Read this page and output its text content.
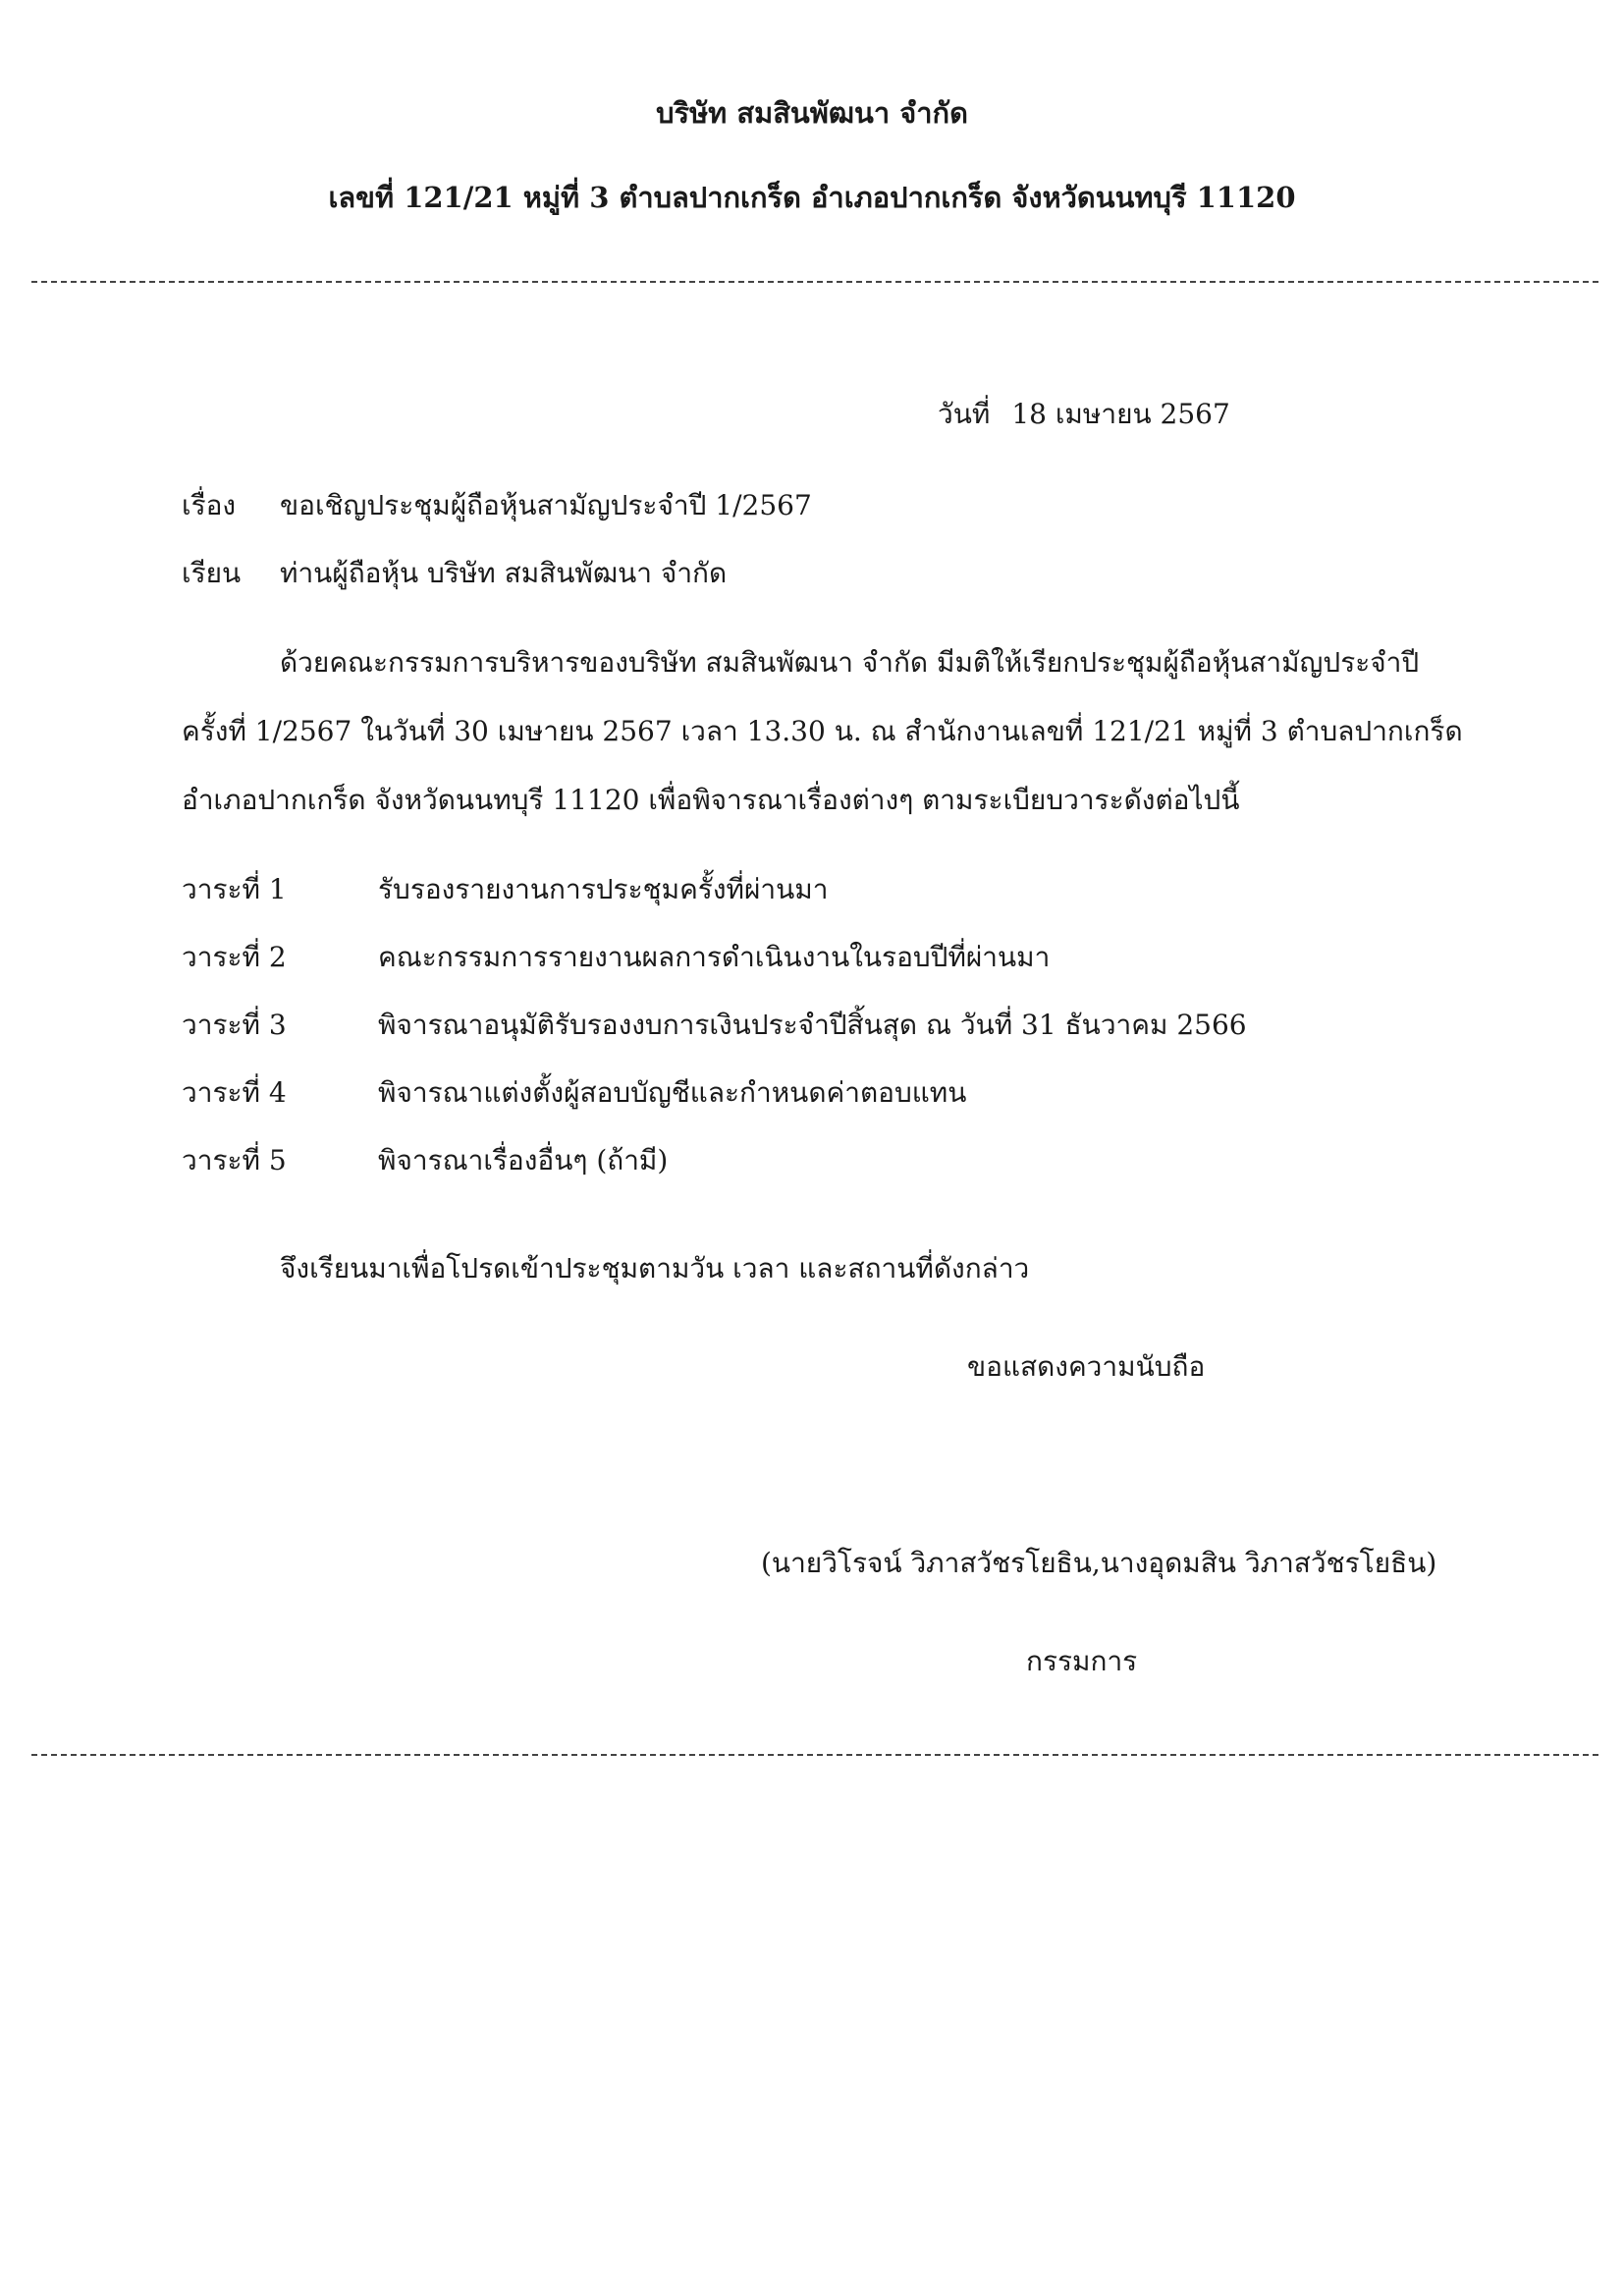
บริษัท สมสินพัฒนา จำกัด
เลขที่ 121/21 หมู่ที่ 3 ตำบลปากเกร็ด อำเภอปากเกร็ด จังหวัดนนทบุรี 11120
วันที่ 18 เมษายน 2567
เรื่อง ขอเชิญประชุมผู้ถือหุ้นสามัญประจำปี 1/2567
เรียน ท่านผู้ถือหุ้น บริษัท สมสินพัฒนา จำกัด
ด้วยคณะกรรมการบริหารของบริษัท สมสินพัฒนา จำกัด มีมติให้เรียกประชุมผู้ถือหุ้นสามัญประจำปี
ครั้งที่ 1/2567 ในวันที่ 30 เมษายน 2567 เวลา 13.30 น. ณ สำนักงานเลขที่ 121/21 หมู่ที่ 3 ตำบลปากเกร็ด
อำเภอปากเกร็ด จังหวัดนนทบุรี 11120 เพื่อพิจารณาเรื่องต่างๆ ตามระเบียบวาระดังต่อไปนี้
วาระที่ 1	รับรองรายงานการประชุมครั้งที่ผ่านมา
วาระที่ 2	คณะกรรมการรายงานผลการดำเนินงานในรอบปีที่ผ่านมา
วาระที่ 3	พิจารณาอนุมัติรับรองงบการเงินประจำปีสิ้นสุด ณ วันที่ 31 ธันวาคม 2566
วาระที่ 4	พิจารณาแต่งตั้งผู้สอบบัญชีและกำหนดค่าตอบแทน
วาระที่ 5	พิจารณาเรื่องอื่นๆ (ถ้ามี)
จึงเรียนมาเพื่อโปรดเข้าประชุมตามวัน เวลา และสถานที่ดังกล่าว
ขอแสดงความนับถือ
(นายวิโรจน์ วิภาสวัชรโยธิน,นางอุดมสิน วิภาสวัชรโยธิน)
กรรมการ
